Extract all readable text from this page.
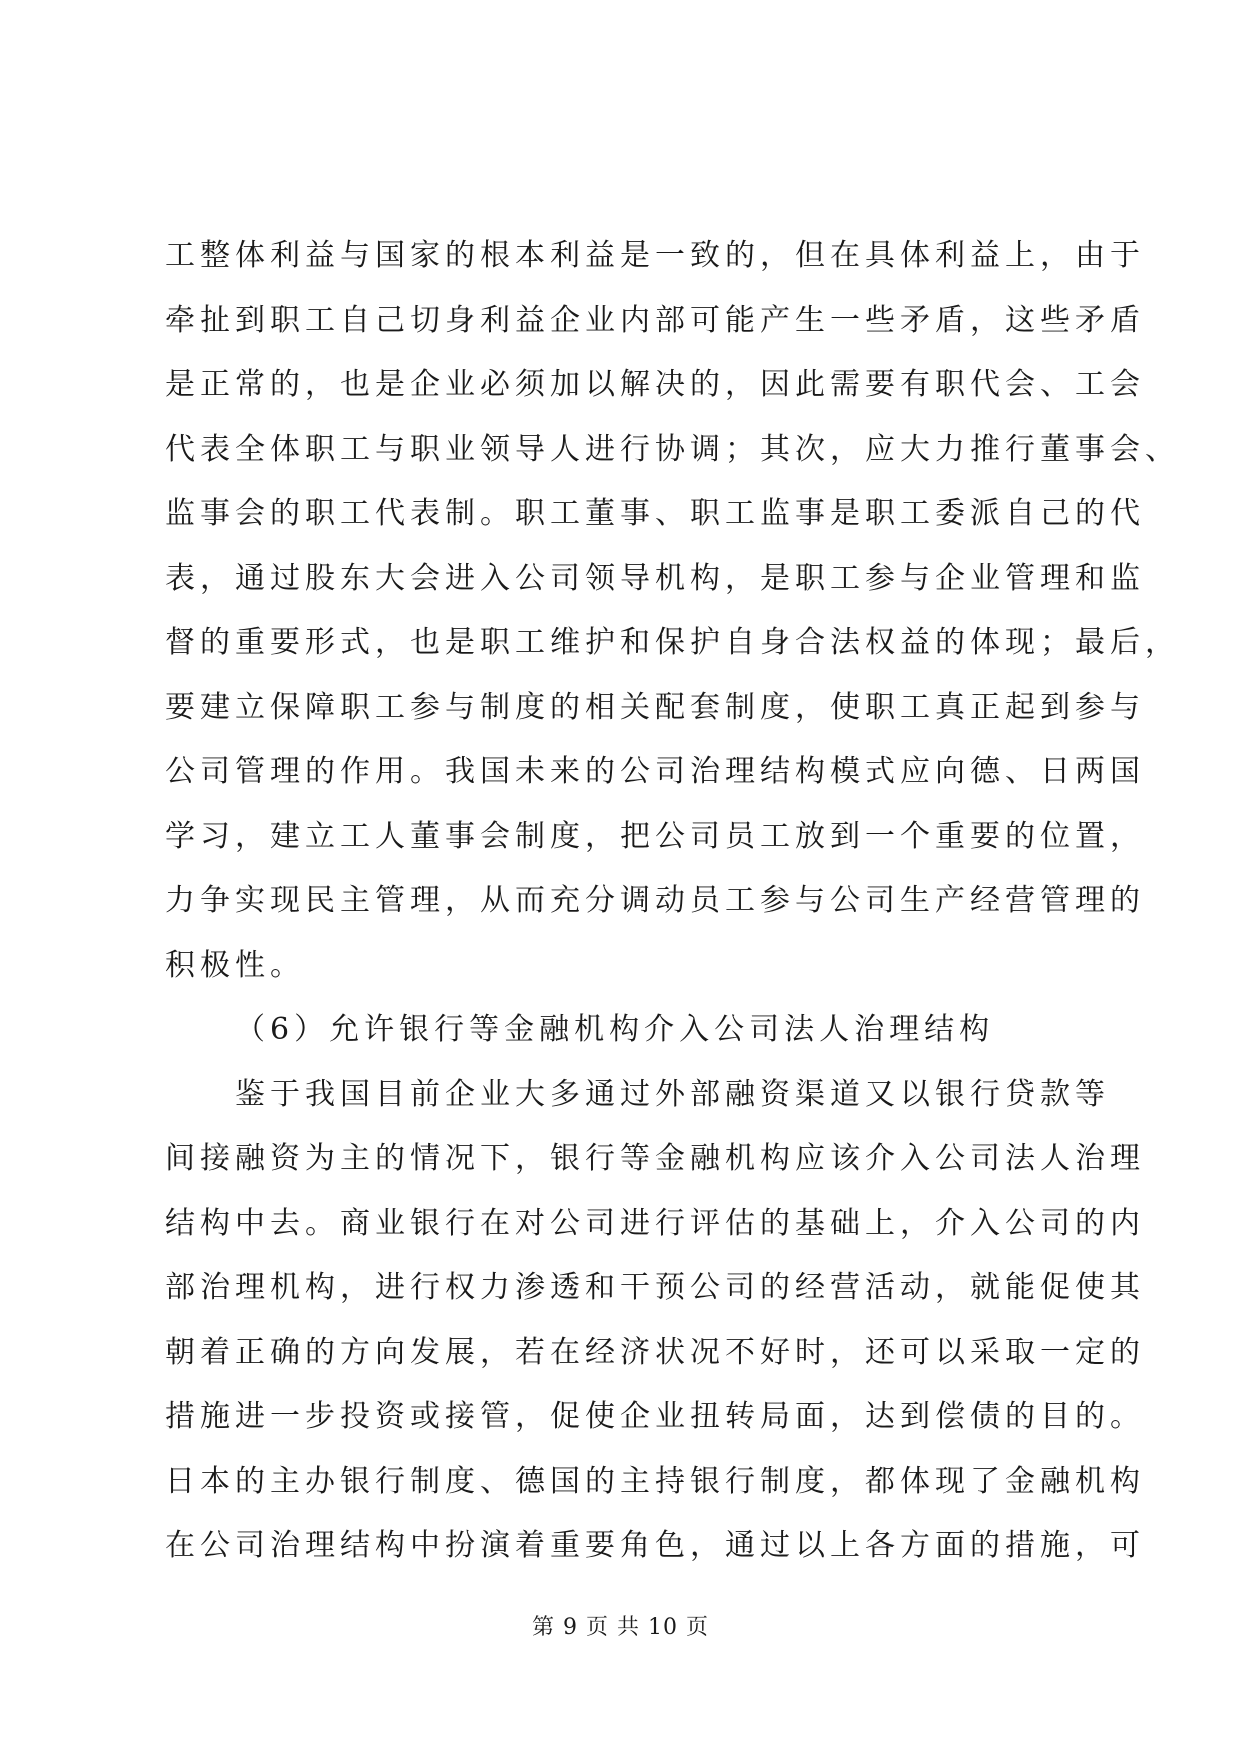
工整体利益与国家的根本利益是一致的，但在具体利益上，由于
牵扯到职工自己切身利益企业内部可能产生一些矛盾，这些矛盾
是正常的，也是企业必须加以解决的，因此需要有职代会、工会
代表全体职工与职业领导人进行协调；其次，应大力推行董事会、
监事会的职工代表制。职工董事、职工监事是职工委派自己的代
表，通过股东大会进入公司领导机构，是职工参与企业管理和监
督的重要形式，也是职工维护和保护自身合法权益的体现；最后，
要建立保障职工参与制度的相关配套制度，使职工真正起到参与
公司管理的作用。我国未来的公司治理结构模式应向德、日两国
学习，建立工人董事会制度，把公司员工放到一个重要的位置，
力争实现民主管理，从而充分调动员工参与公司生产经营管理的
积极性。
（6）允许银行等金融机构介入公司法人治理结构
鉴于我国目前企业大多通过外部融资渠道又以银行贷款等
间接融资为主的情况下，银行等金融机构应该介入公司法人治理
结构中去。商业银行在对公司进行评估的基础上，介入公司的内
部治理机构，进行权力渗透和干预公司的经营活动，就能促使其
朝着正确的方向发展，若在经济状况不好时，还可以采取一定的
措施进一步投资或接管，促使企业扭转局面，达到偿债的目的。
日本的主办银行制度、德国的主持银行制度，都体现了金融机构
在公司治理结构中扮演着重要角色，通过以上各方面的措施，可
第 9 页 共 10 页
